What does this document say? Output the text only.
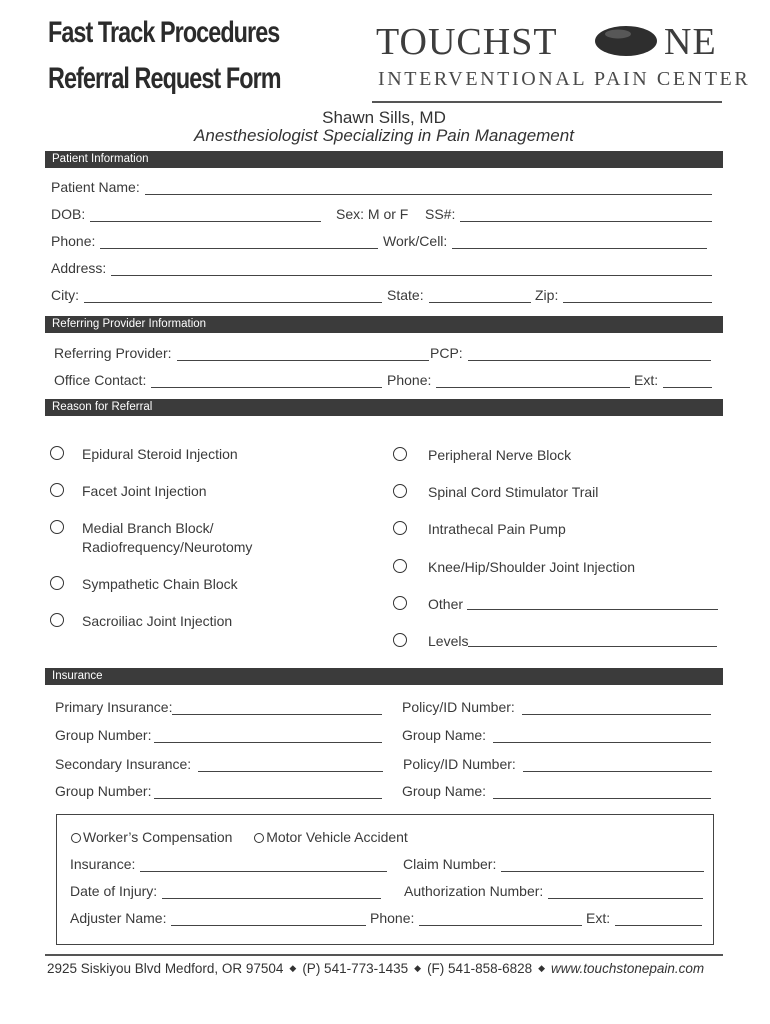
Fast Track Procedures
Referral Request Form
TOUCHST	NE
INTERVENTIONAL PAIN CENTER
Shawn Sills, MD
Anesthesiologist Specializing in Pain Management
Patient Information
Patient Name:
DOB:	Sex: M or F SS#:
Phone:	Work/Cell:
Address:
City:	State:	Zip:
Referring Provider Information
Referring Provider:	PCP:
Office Contact:	Phone:	Ext:
Reason for Referral
Epidural Steroid Injection
Facet Joint Injection
Medial Branch Block/
Radiofrequency/Neurotomy
Sympathetic Chain Block
Sacroiliac Joint Injection
Peripheral Nerve Block
Spinal Cord Stimulator Trail
Intrathecal Pain Pump
Knee/Hip/Shoulder Joint Injection
Other
Levels
Insurance
Primary Insurance:	Policy/ID Number:
Group Number:	Group Name:
Secondary Insurance:	Policy/ID Number:
Group Number:	Group Name:
Worker’s Compensation Motor Vehicle Accident
Insurance:	Claim Number:
Date of Injury:	Authorization Number:
Adjuster Name:	Phone:	Ext:
2925 Siskiyou Blvd Medford, OR 97504 ◆ (P) 541-773-1435 ◆ (F) 541-858-6828 ◆ www.touchstonepain.com
